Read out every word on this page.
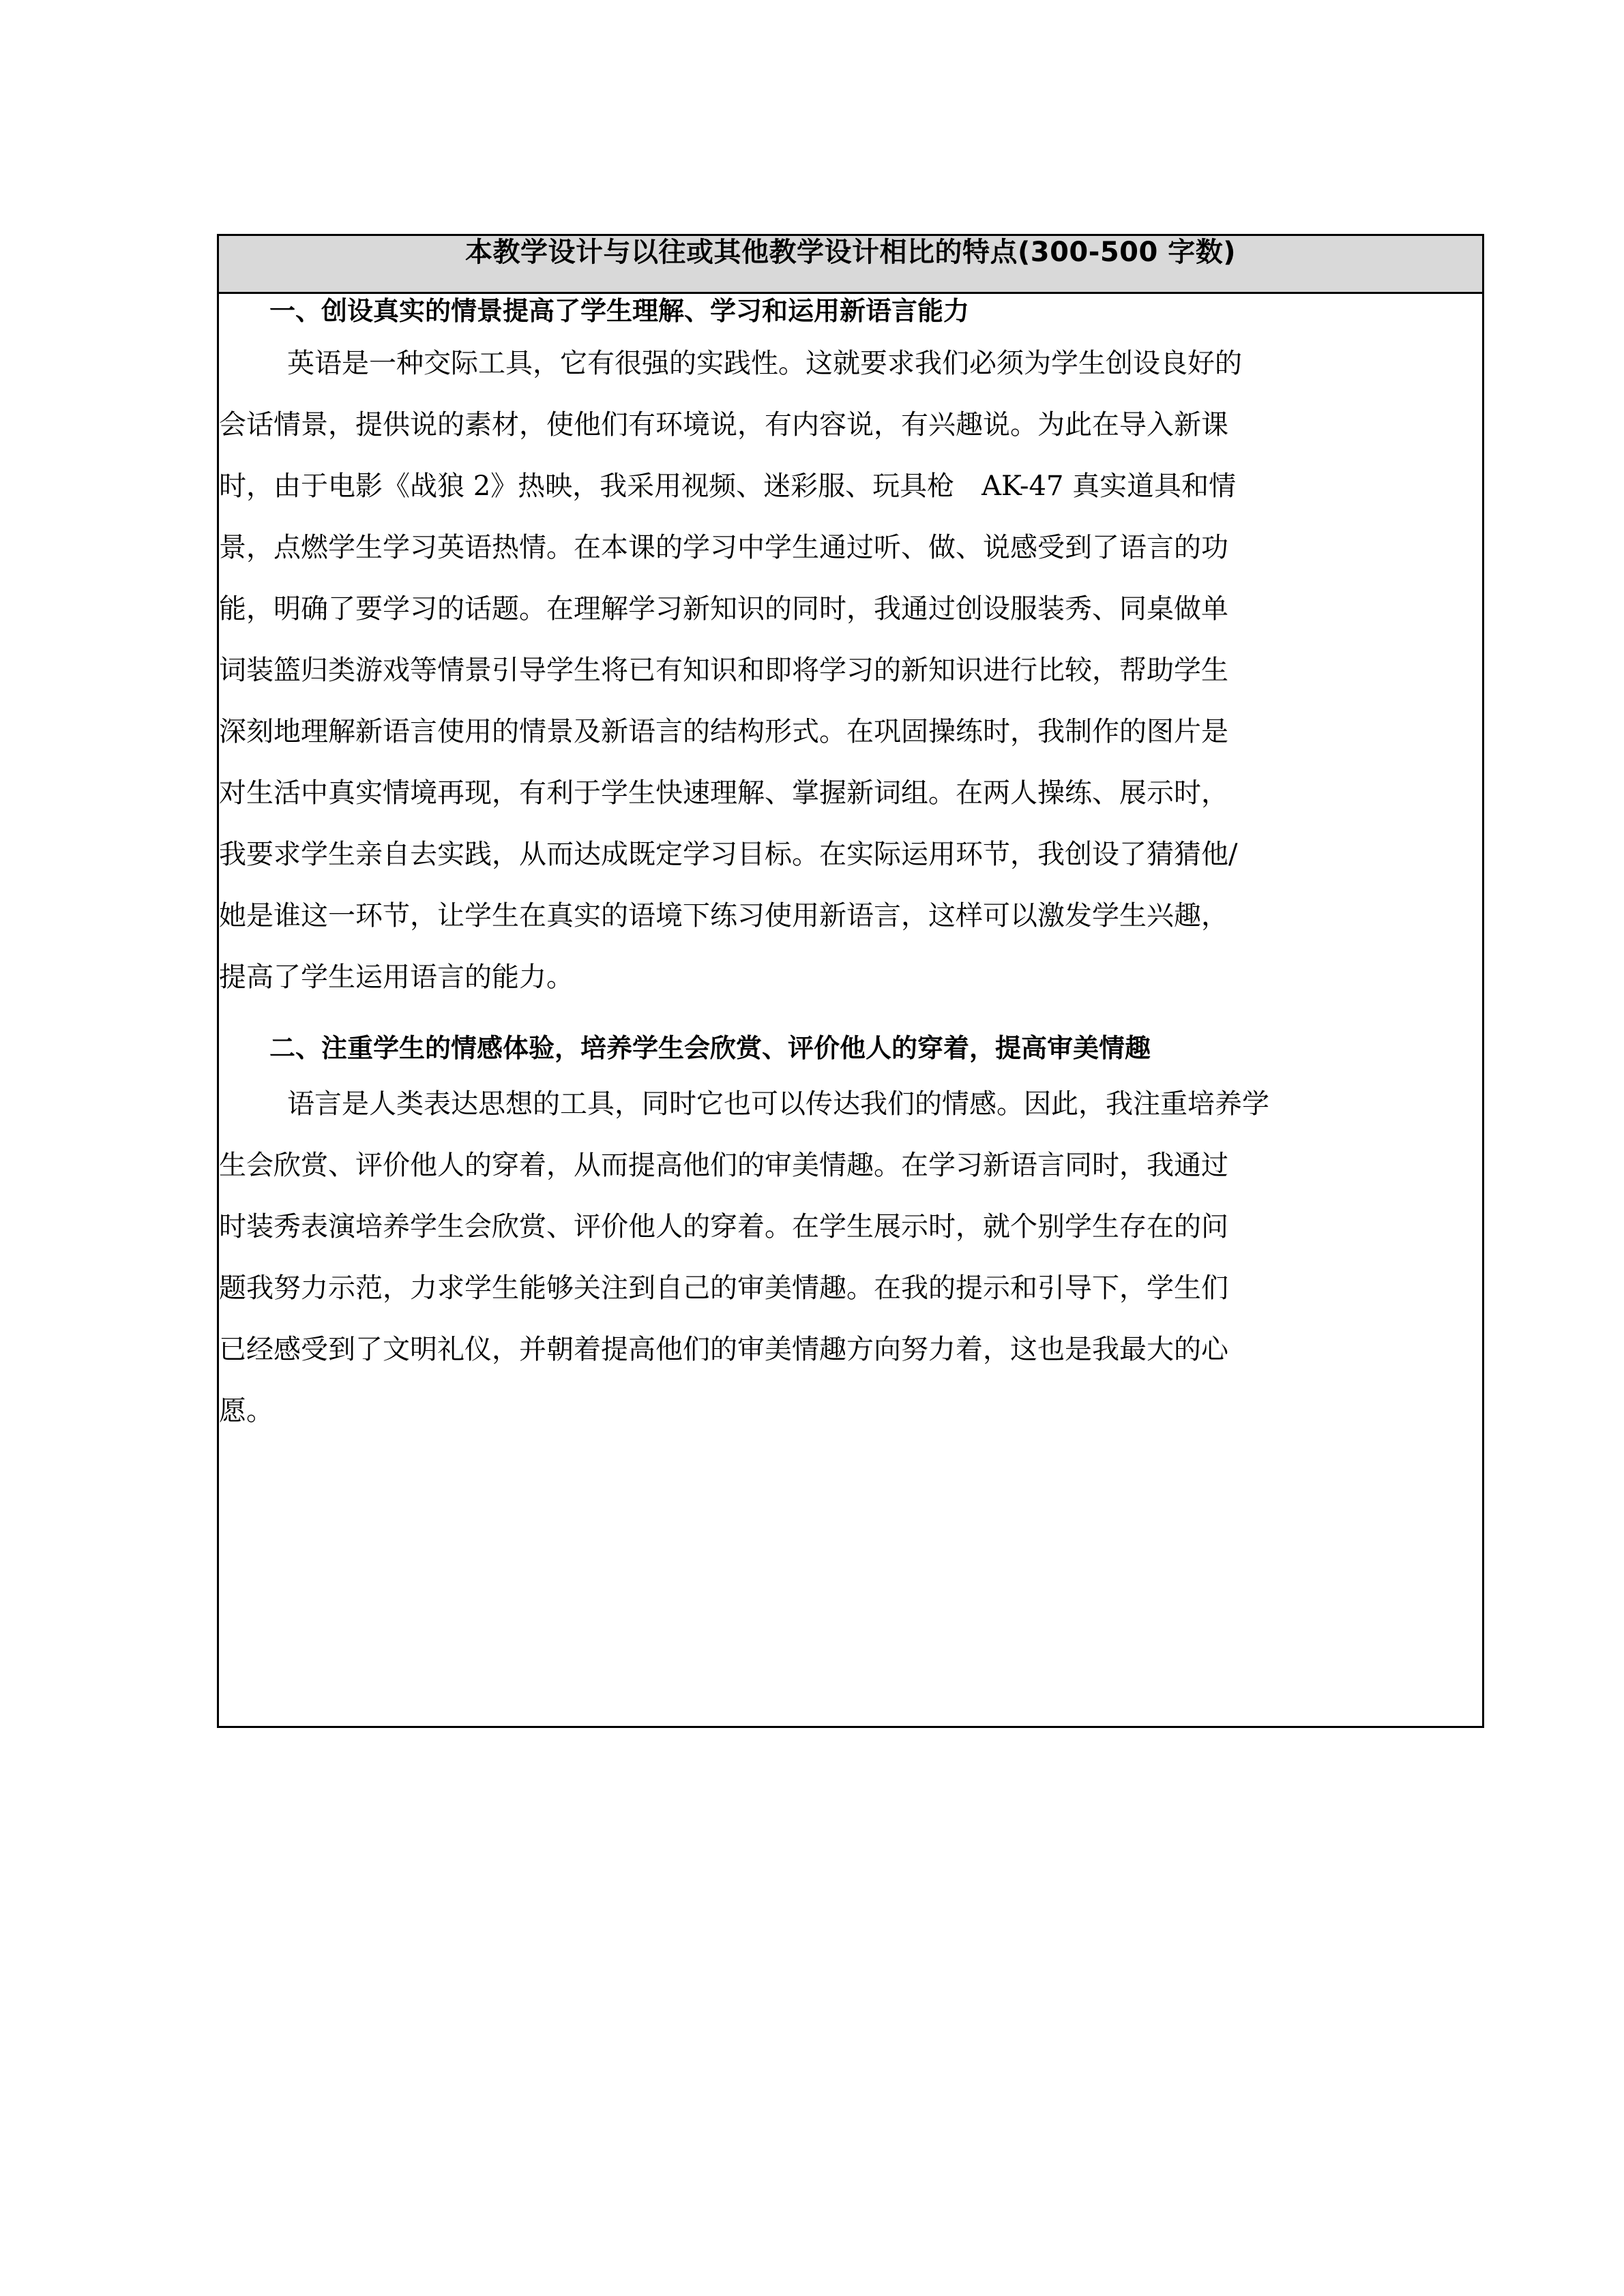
本教学设计与以往或其他教学设计相比的特点(300-500 字数)

一、创设真实的情景提高了学生理解、学习和运用新语言能力
英语是一种交际工具，它有很强的实践性。这就要求我们必须为学生创设良好的
会话情景，提供说的素材，使他们有环境说，有内容说，有兴趣说。为此在导入新课
时，由于电影《战狼 2》热映，我采用视频、迷彩服、玩具枪　AK-47 真实道具和情
景，点燃学生学习英语热情。在本课的学习中学生通过听、做、说感受到了语言的功
能，明确了要学习的话题。在理解学习新知识的同时，我通过创设服装秀、同桌做单
词装篮归类游戏等情景引导学生将已有知识和即将学习的新知识进行比较，帮助学生
深刻地理解新语言使用的情景及新语言的结构形式。在巩固操练时，我制作的图片是
对生活中真实情境再现，有利于学生快速理解、掌握新词组。在两人操练、展示时，
我要求学生亲自去实践，从而达成既定学习目标。在实际运用环节，我创设了猜猜他/
她是谁这一环节，让学生在真实的语境下练习使用新语言，这样可以激发学生兴趣，
提高了学生运用语言的能力。
二、注重学生的情感体验，培养学生会欣赏、评价他人的穿着，提高审美情趣
语言是人类表达思想的工具，同时它也可以传达我们的情感。因此，我注重培养学
生会欣赏、评价他人的穿着，从而提高他们的审美情趣。在学习新语言同时，我通过
时装秀表演培养学生会欣赏、评价他人的穿着。在学生展示时，就个别学生存在的问
题我努力示范，力求学生能够关注到自己的审美情趣。在我的提示和引导下，学生们
已经感受到了文明礼仪，并朝着提高他们的审美情趣方向努力着，这也是我最大的心
愿。
